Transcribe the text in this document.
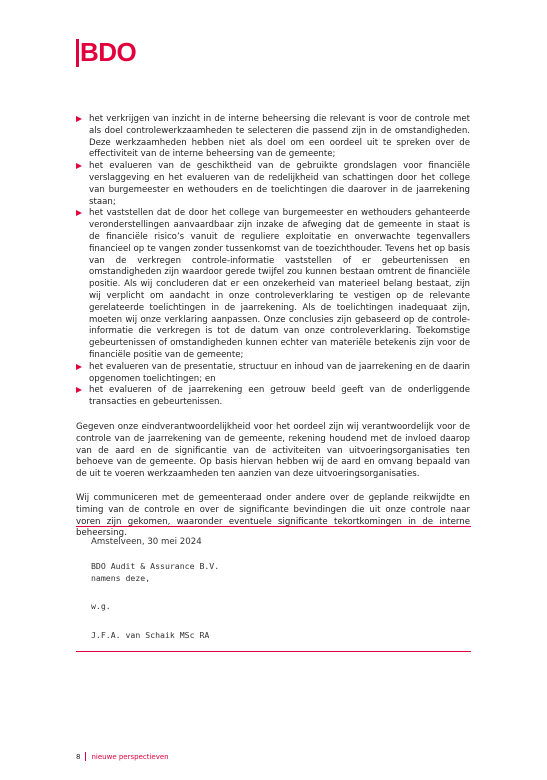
BDO
het verkrijgen van inzicht in de interne beheersing die relevant is voor de controle met als doel controlewerkzaamheden te selecteren die passend zijn in de omstandigheden. Deze werkzaamheden hebben niet als doel om een oordeel uit te spreken over de effectiviteit van de interne beheersing van de gemeente;
het evalueren van de geschiktheid van de gebruikte grondslagen voor financiële verslaggeving en het evalueren van de redelijkheid van schattingen door het college van burgemeester en wethouders en de toelichtingen die daarover in de jaarrekening staan;
het vaststellen dat de door het college van burgemeester en wethouders gehanteerde veronderstellingen aanvaardbaar zijn inzake de afweging dat de gemeente in staat is de financiële risico’s vanuit de reguliere exploitatie en onverwachte tegenvallers financieel op te vangen zonder tussenkomst van de toezichthouder. Tevens het op basis van de verkregen controle-informatie vaststellen of er gebeurtenissen en omstandigheden zijn waardoor gerede twijfel zou kunnen bestaan omtrent de financiële positie. Als wij concluderen dat er een onzekerheid van materieel belang bestaat, zijn wij verplicht om aandacht in onze controleverklaring te vestigen op de relevante gerelateerde toelichtingen in de jaarrekening. Als de toelichtingen inadequaat zijn, moeten wij onze verklaring aanpassen. Onze conclusies zijn gebaseerd op de controle-informatie die verkregen is tot de datum van onze controleverklaring. Toekomstige gebeurtenissen of omstandigheden kunnen echter van materiële betekenis zijn voor de financiële positie van de gemeente;
het evalueren van de presentatie, structuur en inhoud van de jaarrekening en de daarin opgenomen toelichtingen; en
het evalueren of de jaarrekening een getrouw beeld geeft van de onderliggende transacties en gebeurtenissen.

Gegeven onze eindverantwoordelijkheid voor het oordeel zijn wij verantwoordelijk voor de controle van de jaarrekening van de gemeente, rekening houdend met de invloed daarop van de aard en de significantie van de activiteiten van uitvoeringsorganisaties ten behoeve van de gemeente. Op basis hiervan hebben wij de aard en omvang bepaald van de uit te voeren werkzaamheden ten aanzien van deze uitvoeringsorganisaties.

Wij communiceren met de gemeenteraad onder andere over de geplande reikwijdte en timing van de controle en over de significante bevindingen die uit onze controle naar voren zijn gekomen, waaronder eventuele significante tekortkomingen in de interne beheersing.

Amstelveen, 30 mei 2024
BDO Audit & Assurance B.V.
namens deze,
w.g.
J.F.A. van Schaik MSc RA
8 nieuwe perspectieven
